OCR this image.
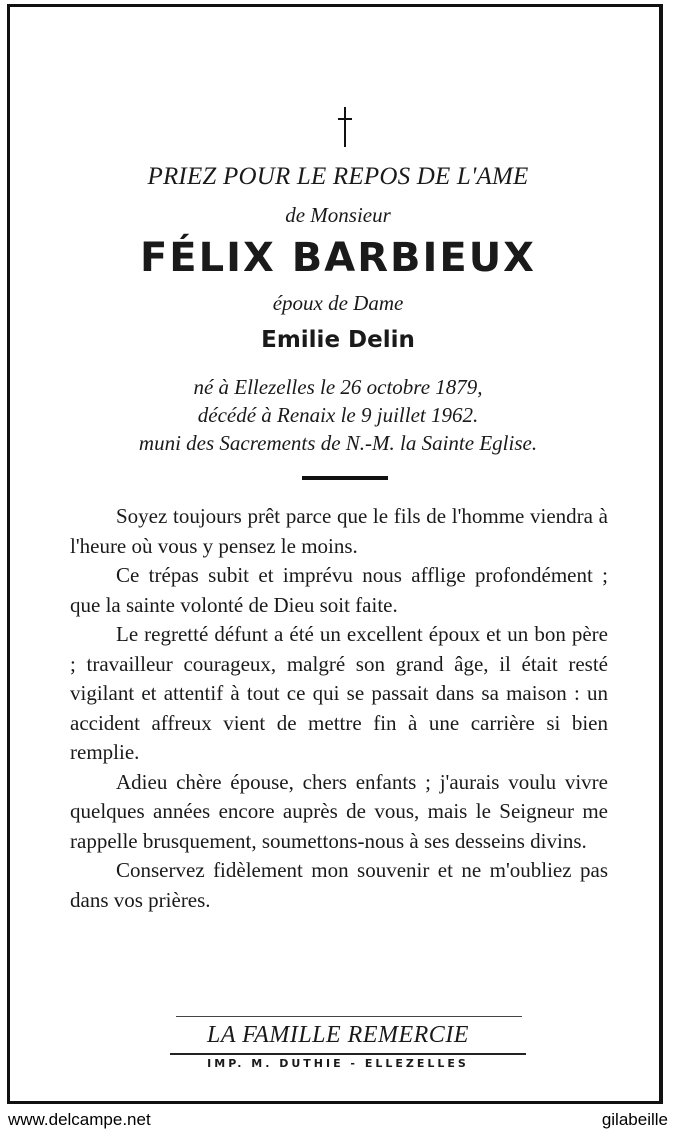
PRIEZ POUR LE REPOS DE L'AME
de Monsieur
FÉLIX BARBIEUX
époux de Dame
Emilie Delin
né à Ellezelles le 26 octobre 1879,
décédé à Renaix le 9 juillet 1962.
muni des Sacrements de N.-M. la Sainte Eglise.

Soyez toujours prêt parce que le fils de l'homme viendra à l'heure où vous y pensez le moins.

Ce trépas subit et imprévu nous afflige profondément ; que la sainte volonté de Dieu soit faite.

Le regretté défunt a été un excellent époux et un bon père ; travailleur courageux, malgré son grand âge, il était resté vigilant et attentif à tout ce qui se passait dans sa maison : un accident affreux vient de mettre fin à une carrière si bien remplie.

Adieu chère épouse, chers enfants ; j'aurais voulu vivre quelques années encore auprès de vous, mais le Seigneur me rappelle brusquement, soumettons-nous à ses desseins divins.

Conservez fidèlement mon souvenir et ne m'oubliez pas dans vos prières.

LA FAMILLE REMERCIE
IMP. M. DUTHIE - ELLEZELLES
www.delcampe.net	gilabeille
